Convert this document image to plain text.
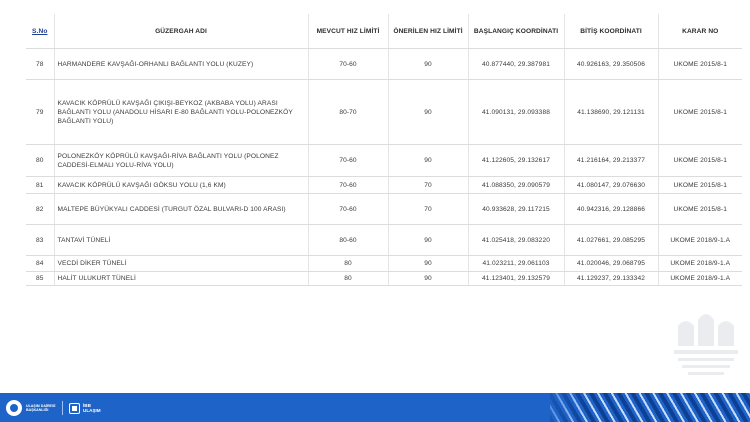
S.No	GÜZERGAH ADI	MEVCUT HIZ LİMİTİ	ÖNERİLEN HIZ LİMİTİ	BAŞLANGIÇ KOORDİNATI	BİTİŞ KOORDİNATI	KARAR NO
78	HARMANDERE KAVŞAĞI-ORHANLI BAĞLANTI YOLU (KUZEY)	70-60	90	40.877440, 29.387981	40.926163, 29.350506	UKOME 2015/8-1
79	KAVACIK KÖPRÜLÜ KAVŞAĞI ÇIKIŞI-BEYKOZ (AKBABA YOLU) ARASI BAĞLANTI YOLU (ANADOLU HİSARI E-80 BAĞLANTI YOLU-POLONEZKÖY BAĞLANTI YOLU)	80-70	90	41.090131, 29.093388	41.138690, 29.121131	UKOME 2015/8-1
80	POLONEZKÖY KÖPRÜLÜ KAVŞAĞI-RİVA BAĞLANTI YOLU (POLONEZ CADDESİ-ELMALI YOLU-RİVA YOLU)	70-60	90	41.122605, 29.132617	41.216164, 29.213377	UKOME 2015/8-1
81	KAVACIK KÖPRÜLÜ KAVŞAĞI GÖKSU YOLU (1,6 KM)	70-60	70	41.088350, 29.090579	41.080147, 29.076630	UKOME 2015/8-1
82	MALTEPE BÜYÜKYALI CADDESİ (TURGUT ÖZAL BULVARI-D 100 ARASI)	70-60	70	40.933628, 29.117215	40.942316, 29.128866	UKOME 2015/8-1
83	TANTAVİ TÜNELİ	80-60	90	41.025418, 29.083220	41.027661, 29.085295	UKOME 2018/9-1.A
84	VECDİ DİKER TÜNELİ	80	90	41.023211, 29.061103	41.020046, 29.068795	UKOME 2018/9-1.A
85	HALİT ULUKURT TÜNELİ	80	90	41.123401, 29.132579	41.129237, 29.133342	UKOME 2018/9-1.A
ULAŞIM DAİRESİ BAŞKANLIĞI
İBB
ULAŞIM
